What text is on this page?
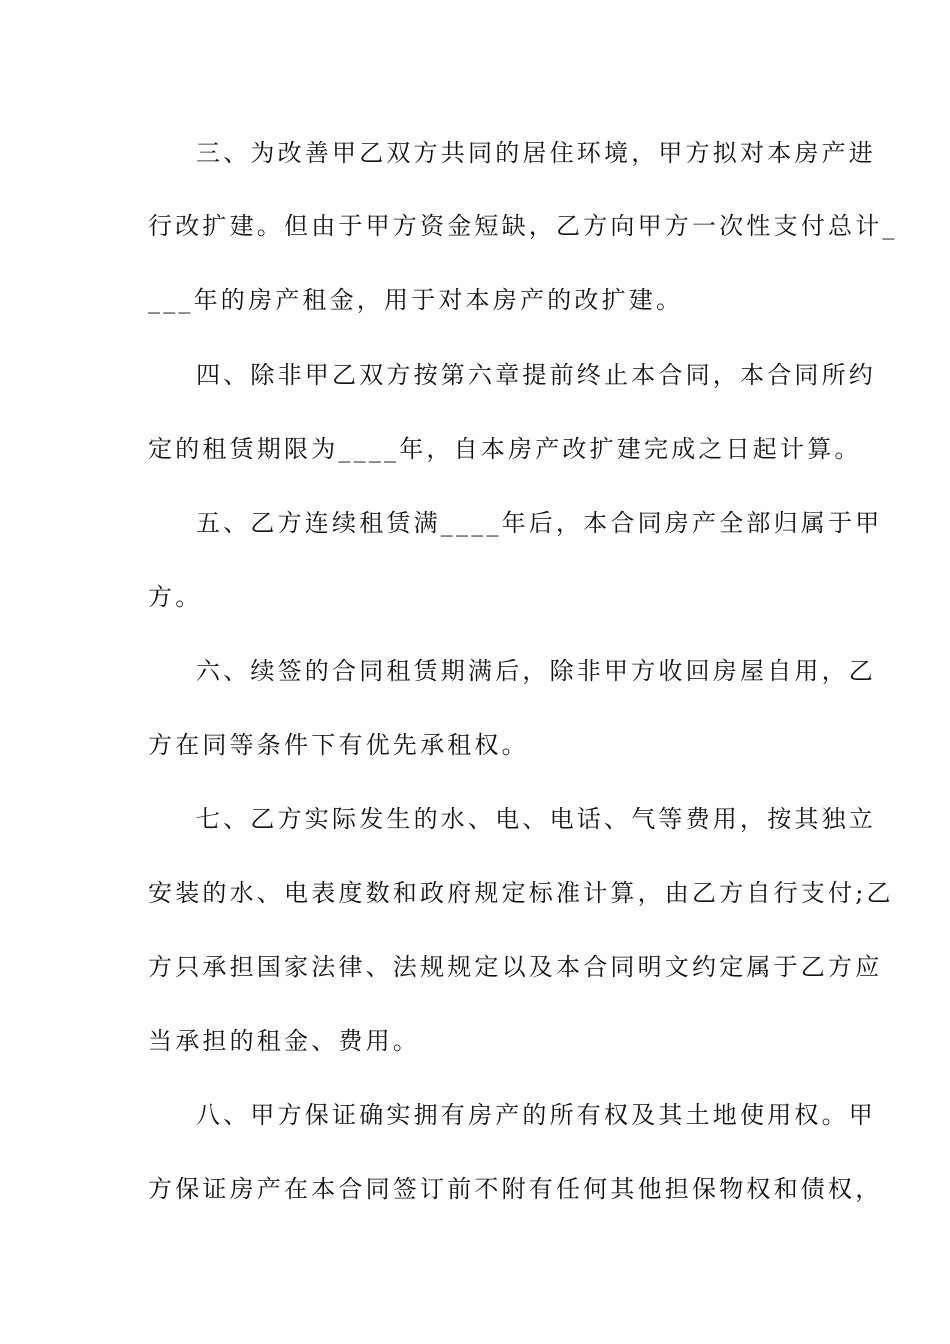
三、为改善甲乙双方共同的居住环境，甲方拟对本房产进
行改扩建。但由于甲方资金短缺，乙方向甲方一次性支付总计_
___年的房产租金，用于对本房产的改扩建。
四、除非甲乙双方按第六章提前终止本合同，本合同所约
定的租赁期限为____年，自本房产改扩建完成之日起计算。
五、乙方连续租赁满____年后，本合同房产全部归属于甲
方。
六、续签的合同租赁期满后，除非甲方收回房屋自用，乙
方在同等条件下有优先承租权。
七、乙方实际发生的水、电、电话、气等费用，按其独立
安装的水、电表度数和政府规定标准计算，由乙方自行支付;乙
方只承担国家法律、法规规定以及本合同明文约定属于乙方应
当承担的租金、费用。
八、甲方保证确实拥有房产的所有权及其土地使用权。甲
方保证房产在本合同签订前不附有任何其他担保物权和债权，
